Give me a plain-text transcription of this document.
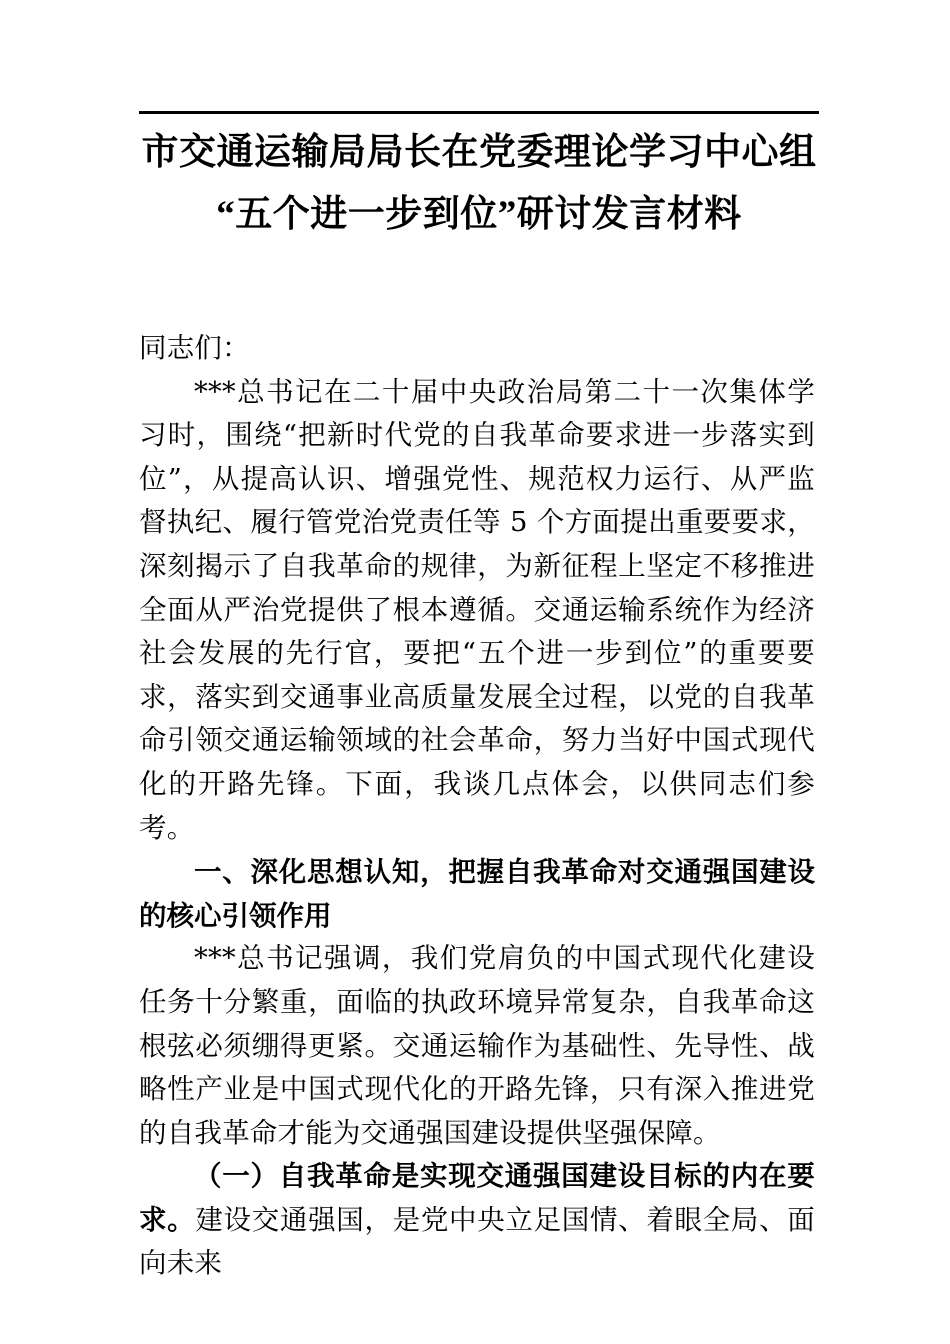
市交通运输局局长在党委理论学习中心组
“五个进一步到位”研讨发言材料

同志们：

***总书记在二十届中央政治局第二十一次集体学习时，围绕“把新时代党的自我革命要求进一步落实到位”，从提高认识、增强党性、规范权力运行、从严监督执纪、履行管党治党责任等 5 个方面提出重要要求，深刻揭示了自我革命的规律，为新征程上坚定不移推进全面从严治党提供了根本遵循。交通运输系统作为经济社会发展的先行官，要把“五个进一步到位”的重要要求，落实到交通事业高质量发展全过程，以党的自我革命引领交通运输领域的社会革命，努力当好中国式现代化的开路先锋。下面，我谈几点体会，以供同志们参考。

一、深化思想认知，把握自我革命对交通强国建设的核心引领作用

***总书记强调，我们党肩负的中国式现代化建设任务十分繁重，面临的执政环境异常复杂，自我革命这根弦必须绷得更紧。交通运输作为基础性、先导性、战略性产业是中国式现代化的开路先锋，只有深入推进党的自我革命才能为交通强国建设提供坚强保障。

（一）自我革命是实现交通强国建设目标的内在要求。建设交通强国，是党中央立足国情、着眼全局、面向未来
